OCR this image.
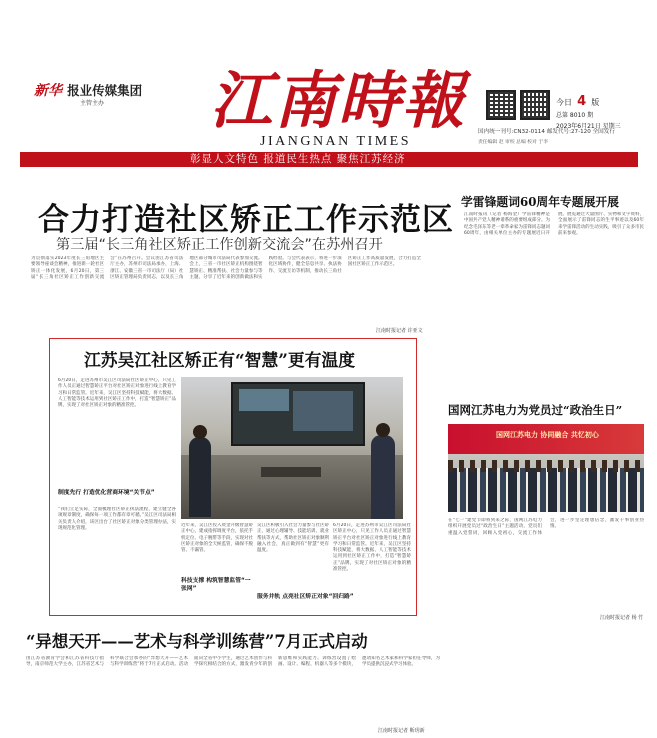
新华 报业传媒集团
主管主办 江南時報
JIANGNAN TIMES
今日 4 版
总第 8010 期
2023年6月21日 星期三
国内统一刊号:CN32-0114 邮发代号:27-120 全国发行
责任编辑 赵 审校 总编 校对 于李
彰显人文特色 报道民生热点 聚焦江苏经济
合力打造社区矫正工作示范区
第三届“长三角社区矫正工作创新交流会”在苏州召开
为贯彻落实2023年度长三角地区主要领导座谈会精神，推进新一轮社区矫正一体化发展，6月20日，第三届“长三角社区矫正工作创新交流会”在苏州召开。会议由江苏省司法厅主办，苏州市司法局承办，上海、浙江、安徽三省一市司法厅（局）社区矫正管理局负责同志，以及长三角地区部分城市司法局代表参加交流。会上，三省一市社区矫正机构围绕智慧矫正、精准帮扶、社会力量参与等主题，分享了近年来的创新做法和实践经验。与会代表表示，将进一步深化区域协作，健全信息共享、执法协作、交流互访等机制，推动长三角社区矫正工作高质量发展，合力打造全国社区矫正工作示范区。
江南时报记者 许亚文
江苏吴江社区矫正有“智慧”更有温度
6月20日，走进苏州市吴江区司法局社区矫正中心，只见工作人员正通过智慧矫正平台对社区矫正对象进行线上教育学习和日常监管。近年来，吴江区坚持科技赋能，将大数据、人工智能等技术运用到社区矫正工作中，打造“智慧矫正”品牌，实现了对社区矫正对象的精准管控。
制度先行 打造优化营商环境“关节点”
“我们立足实际，全面梳理社区矫正执法流程，建立健全各项规章制度，确保每一项工作都有章可循。”吴江区司法局相关负责人介绍，该区出台了社区矫正对象分类管理办法，实现规范化管理。
近年来，吴江区投入资金升级智慧矫正中心，建成指挥调度平台，依托手机定位、电子腕带等手段，实现对社区矫正对象的全天候监管，确保不脱管、不漏管。
科技支撑 构筑智慧监管“一张网”
吴江区积极引入社会力量参与社区矫正，通过心理辅导、技能培训、就业帮扶等方式，帮助社区矫正对象顺利融入社会，真正做到有“智慧”更有温度。
6月20日，走进苏州市吴江区司法局社区矫正中心，只见工作人员正通过智慧矫正平台对社区矫正对象进行线上教育学习和日常监管。近年来，吴江区坚持科技赋能，将大数据、人工智能等技术运用到社区矫正工作中，打造“智慧矫正”品牌，实现了对社区矫正对象的精准管控。
服务并轨 点亮社区矫正对象“回归路”
学雷锋题词60周年专题展开展
江南时报讯（记者 杨海金）学雷锋精神是中国共产党人精神谱系的重要组成部分。为纪念毛泽东等老一辈革命家为雷锋同志题词60周年，由相关单位主办的专题展近日开展。展览通过大量图片、实物和文字资料，全面展示了雷锋同志的生平事迹以及60年来学雷锋活动的生动实践，吸引了众多市民前来参观。
国网江苏电力为党员过“政治生日”
国网江苏电力 协同融合 共忆初心
在“七一”建党节即将到来之际，国网江苏电力组织开展党员过“政治生日”主题活动，党员们重温入党誓词，回顾入党初心，交流工作体会，进一步坚定理想信念，激发干事创业热情。
江南时报记者 杨 竹
“异想天开——艺术与科学训练营”7月正式启动
由江苏省教育学会和江苏省科技厅指导，南京师范大学主办，江苏省艺术与科学联合会承办的“异想天开——艺术与科学训练营”将于7月正式启动。活动面向全省中小学生，通过艺术创作与科学探究相结合的方式，激发青少年的创新思维和实践能力。训练营设置了绘画、设计、编程、机器人等多个模块，邀请知名艺术家和科学家担任导师，为学员提供沉浸式学习体验。
江南时报记者 靳玥新
